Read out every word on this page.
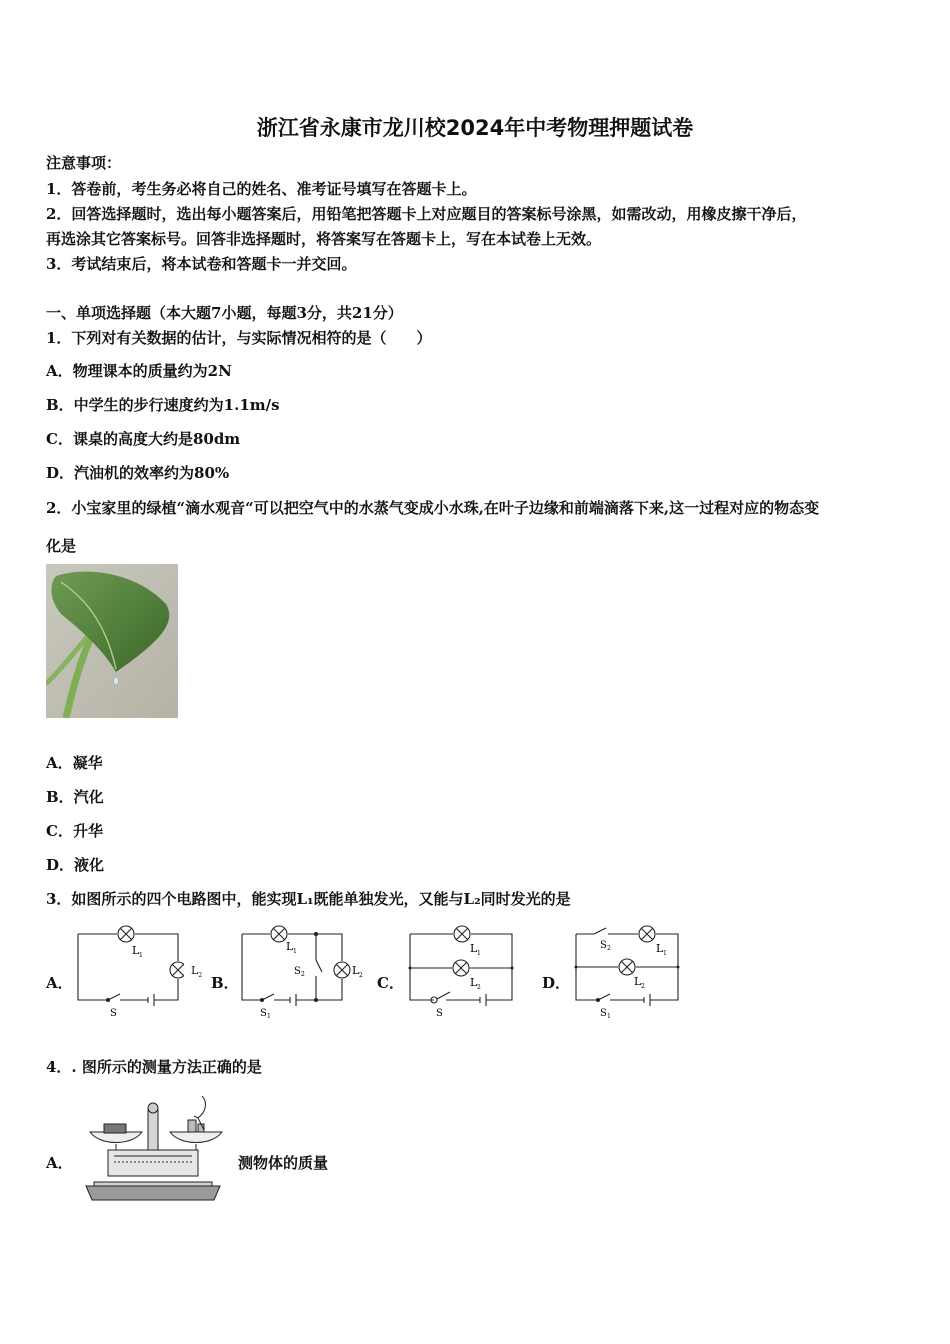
浙江省永康市龙川校2024年中考物理押题试卷
注意事项：
1．答卷前，考生务必将自己的姓名、准考证号填写在答题卡上。
2．回答选择题时，选出每小题答案后，用铅笔把答题卡上对应题目的答案标号涂黑，如需改动，用橡皮擦干净后，
再选涂其它答案标号。回答非选择题时，将答案写在答题卡上，写在本试卷上无效。
3．考试结束后，将本试卷和答题卡一并交回。
一、单项选择题（本大题7小题，每题3分，共21分）
1．下列对有关数据的估计，与实际情况相符的是（　　）
A．物理课本的质量约为2N
B．中学生的步行速度约为1.1m/s
C．课桌的高度大约是80dm
D．汽油机的效率约为80%
2．小宝家里的绿植“滴水观音“可以把空气中的水蒸气变成小水珠,在叶子边缘和前端滴落下来,这一过程对应的物态变
化是
A．凝华
B．汽化
C．升华
D．液化
3．如图所示的四个电路图中，能实现L₁既能单独发光，又能与L₂同时发光的是
A．	B．	C．	D．
L 1
S
$L_2$
L 1
L 2
S 2
S 1
L 1
L 2
S
S 2	L 1
L 2
S 1
4．. 图所示的测量方法正确的是
A．	测物体的质量
